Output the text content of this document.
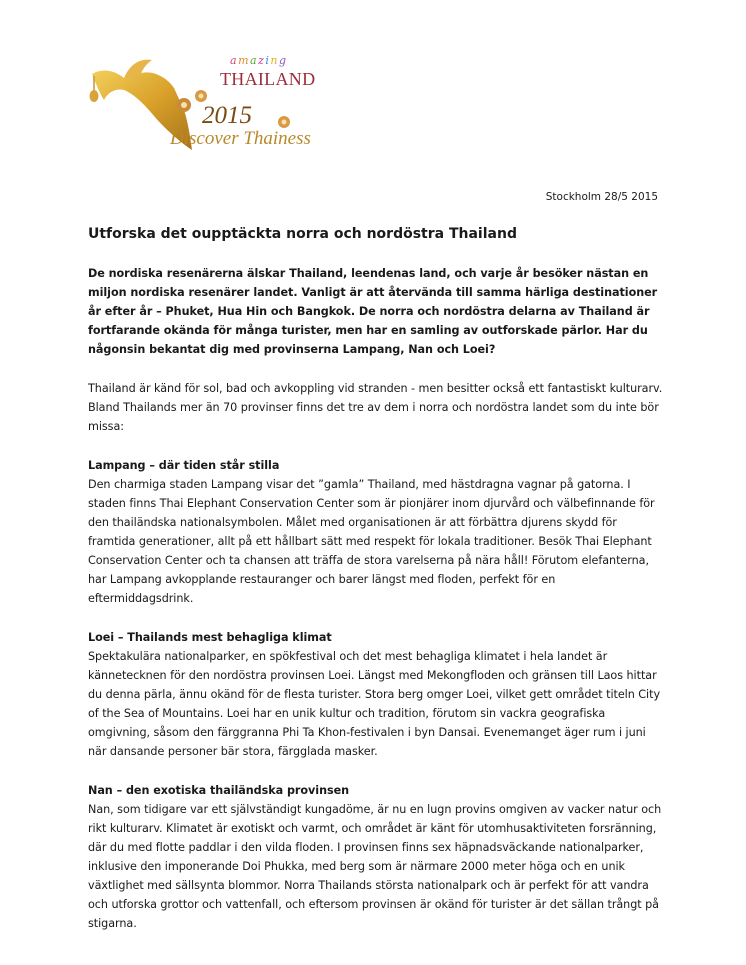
amazing
THAILAND
2015
Discover Thainess
Stockholm 28/5 2015
Utforska det oupptäckta norra och nordöstra Thailand

De nordiska resenärerna älskar Thailand, leendenas land, och varje år besöker nästan en miljon nordiska resenärer landet. Vanligt är att återvända till samma härliga destinationer år efter år – Phuket, Hua Hin och Bangkok. De norra och nordöstra delarna av Thailand är fortfarande okända för många turister, men har en samling av outforskade pärlor. Har du någonsin bekantat dig med provinserna Lampang, Nan och Loei?

Thailand är känd för sol, bad och avkoppling vid stranden - men besitter också ett fantastiskt kulturarv. Bland Thailands mer än 70 provinser finns det tre av dem i norra och nordöstra landet som du inte bör missa:

Lampang – där tiden står stilla
Den charmiga staden Lampang visar det ”gamla” Thailand, med hästdragna vagnar på gatorna. I staden finns Thai Elephant Conservation Center som är pionjärer inom djurvård och välbefinnande för den thailändska nationalsymbolen. Målet med organisationen är att förbättra djurens skydd för framtida generationer, allt på ett hållbart sätt med respekt för lokala traditioner. Besök Thai Elephant Conservation Center och ta chansen att träffa de stora varelserna på nära håll! Förutom elefanterna, har Lampang avkopplande restauranger och barer längst med floden, perfekt för en eftermiddagsdrink.

Loei – Thailands mest behagliga klimat
Spektakulära nationalparker, en spökfestival och det mest behagliga klimatet i hela landet är kännetecknen för den nordöstra provinsen Loei. Längst med Mekongfloden och gränsen till Laos hittar du denna pärla, ännu okänd för de flesta turister. Stora berg omger Loei, vilket gett området titeln City of the Sea of Mountains. Loei har en unik kultur och tradition, förutom sin vackra geografiska omgivning, såsom den färggranna Phi Ta Khon-festivalen i byn Dansai. Evenemanget äger rum i juni när dansande personer bär stora, färgglada masker.

Nan – den exotiska thailändska provinsen
Nan, som tidigare var ett självständigt kungadöme, är nu en lugn provins omgiven av vacker natur och rikt kulturarv. Klimatet är exotiskt och varmt, och området är känt för utomhusaktiviteten forsränning, där du med flotte paddlar i den vilda floden. I provinsen finns sex häpnadsväckande nationalparker, inklusive den imponerande Doi Phukka, med berg som är närmare 2000 meter höga och en unik växtlighet med sällsynta blommor. Norra Thailands största nationalpark och är perfekt för att vandra och utforska grottor och vattenfall, och eftersom provinsen är okänd för turister är det sällan trångt på stigarna.
